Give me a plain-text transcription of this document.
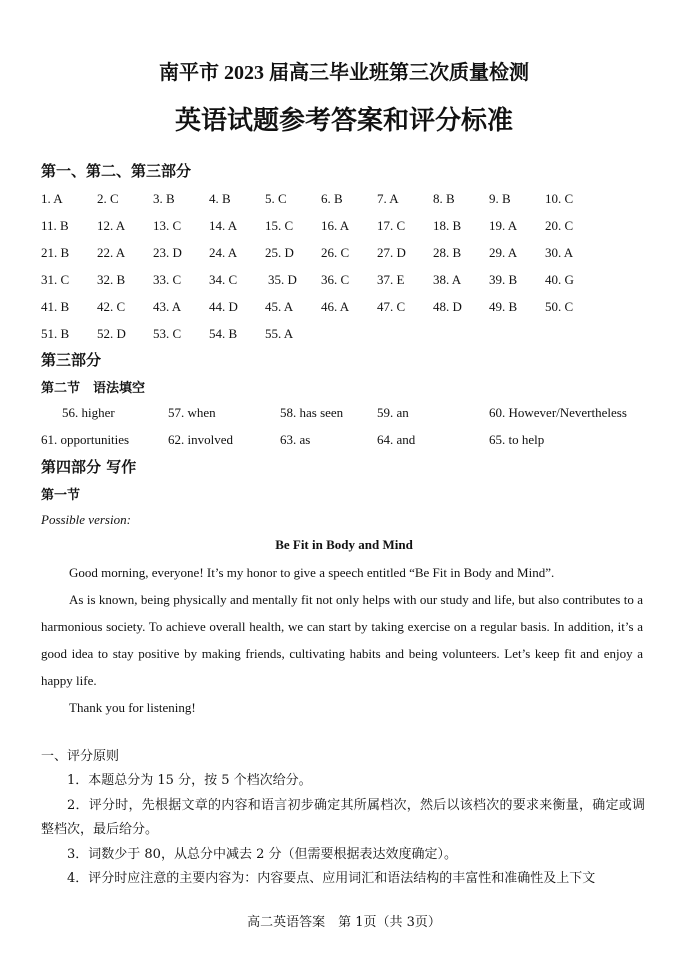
南平市 2023 届高三毕业班第三次质量检测
英语试题参考答案和评分标准
第一、第二、第三部分
1. A	2. C	3. B	4. B	5. C	6. B	7. A	8. B	9. B	10. C
11. B 12. A 13. C 14. A 15. C 16. A 17. C 18. B 19. A 20. C
21. B 22. A 23. D 24. A 25. D 26. C 27. D 28. B 29. A 30. A
31. C 32. B 33. C 34. C 35. D 36. C 37. E 38. A 39. B 40. G
41. B 42. C 43. A 44. D 45. A 46. A 47. C 48. D 49. B 50. C
51. B 52. D 53. C 54. B 55. A
第三部分
第二节　语法填空
56. higher	57. when	58. has seen	59. an	60. However/Nevertheless
61. opportunities	62. involved	63. as	64. and	65. to help
第四部分 写作
第一节
Possible version:
Be Fit in Body and Mind
Good morning, everyone! It’s my honor to give a speech entitled “Be Fit in Body and Mind”.
As is known, being physically and mentally fit not only helps with our study and life, but also contributes to a harmonious society. To achieve overall health, we can start by taking exercise on a regular basis. In addition, it’s a good idea to stay positive by making friends, cultivating habits and being volunteers. Let’s keep fit and enjoy a happy life.
Thank you for listening!
一、评分原则
1．本题总分为 15 分，按 5 个档次给分。
2．评分时，先根据文章的内容和语言初步确定其所属档次，然后以该档次的要求来衡量，确定或调整档次，最后给分。
3．词数少于 80，从总分中减去 2 分（但需要根据表达效度确定）。
4．评分时应注意的主要内容为：内容要点、应用词汇和语法结构的丰富性和准确性及上下文
高二英语答案　第 1页（共 3页）
